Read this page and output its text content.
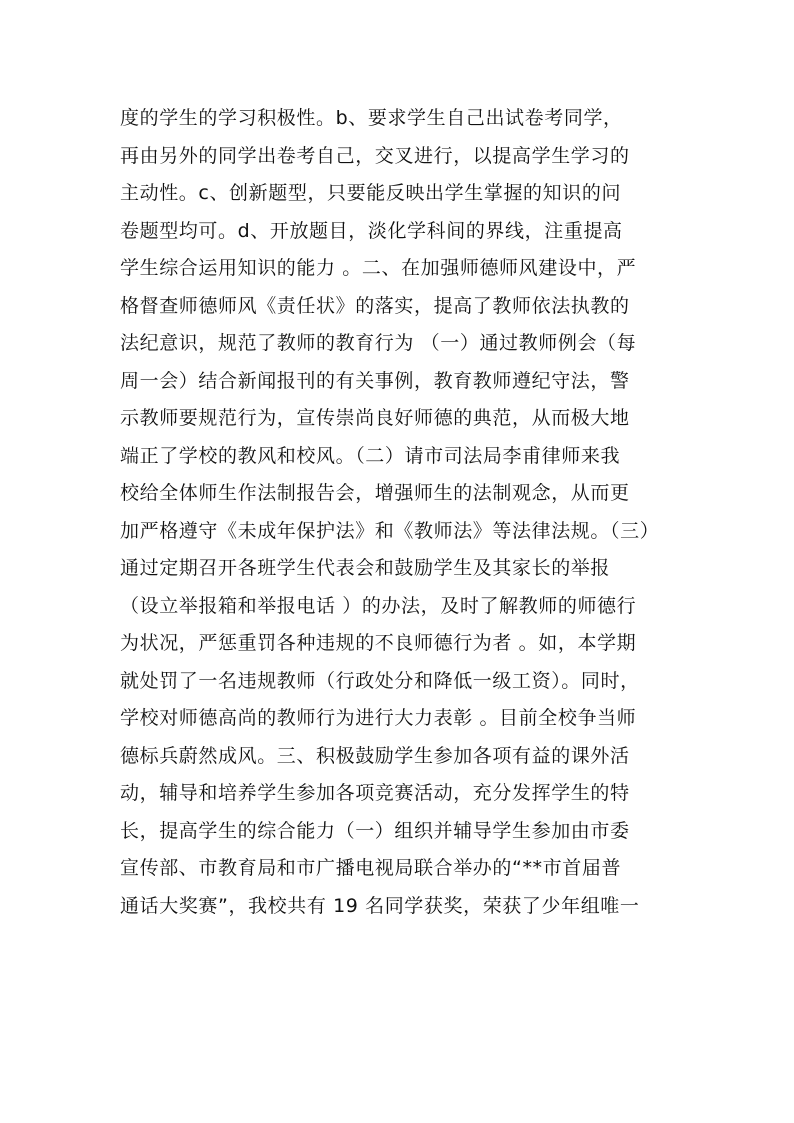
度的学生的学习积极性。b、要求学生自己出试卷考同学，
再由另外的同学出卷考自己，交叉进行，以提高学生学习的
主动性。c、创新题型，只要能反映出学生掌握的知识的问
卷题型均可。d、开放题目，淡化学科间的界线，注重提高
学生综合运用知识的能力 。二、在加强师德师风建设中，严
格督查师德师风《责任状》的落实，提高了教师依法执教的
法纪意识，规范了教师的教育行为 （一）通过教师例会（每
周一会）结合新闻报刊的有关事例，教育教师遵纪守法，警
示教师要规范行为，宣传崇尚良好师德的典范，从而极大地
端正了学校的教风和校风。（二）请市司法局李甫律师来我
校给全体师生作法制报告会，增强师生的法制观念，从而更
加严格遵守《未成年保护法》和《教师法》等法律法规。（三）
通过定期召开各班学生代表会和鼓励学生及其家长的举报
（设立举报箱和举报电话 ）的办法，及时了解教师的师德行
为状况，严惩重罚各种违规的不良师德行为者 。如，本学期
就处罚了一名违规教师（行政处分和降低一级工资）。同时，
学校对师德高尚的教师行为进行大力表彰 。目前全校争当师
德标兵蔚然成风。三、积极鼓励学生参加各项有益的课外活
动，辅导和培养学生参加各项竞赛活动，充分发挥学生的特
长，提高学生的综合能力（一）组织并辅导学生参加由市委
宣传部、市教育局和市广播电视局联合举办的“**市首届普
通话大奖赛”，我校共有 19 名同学获奖，荣获了少年组唯一
